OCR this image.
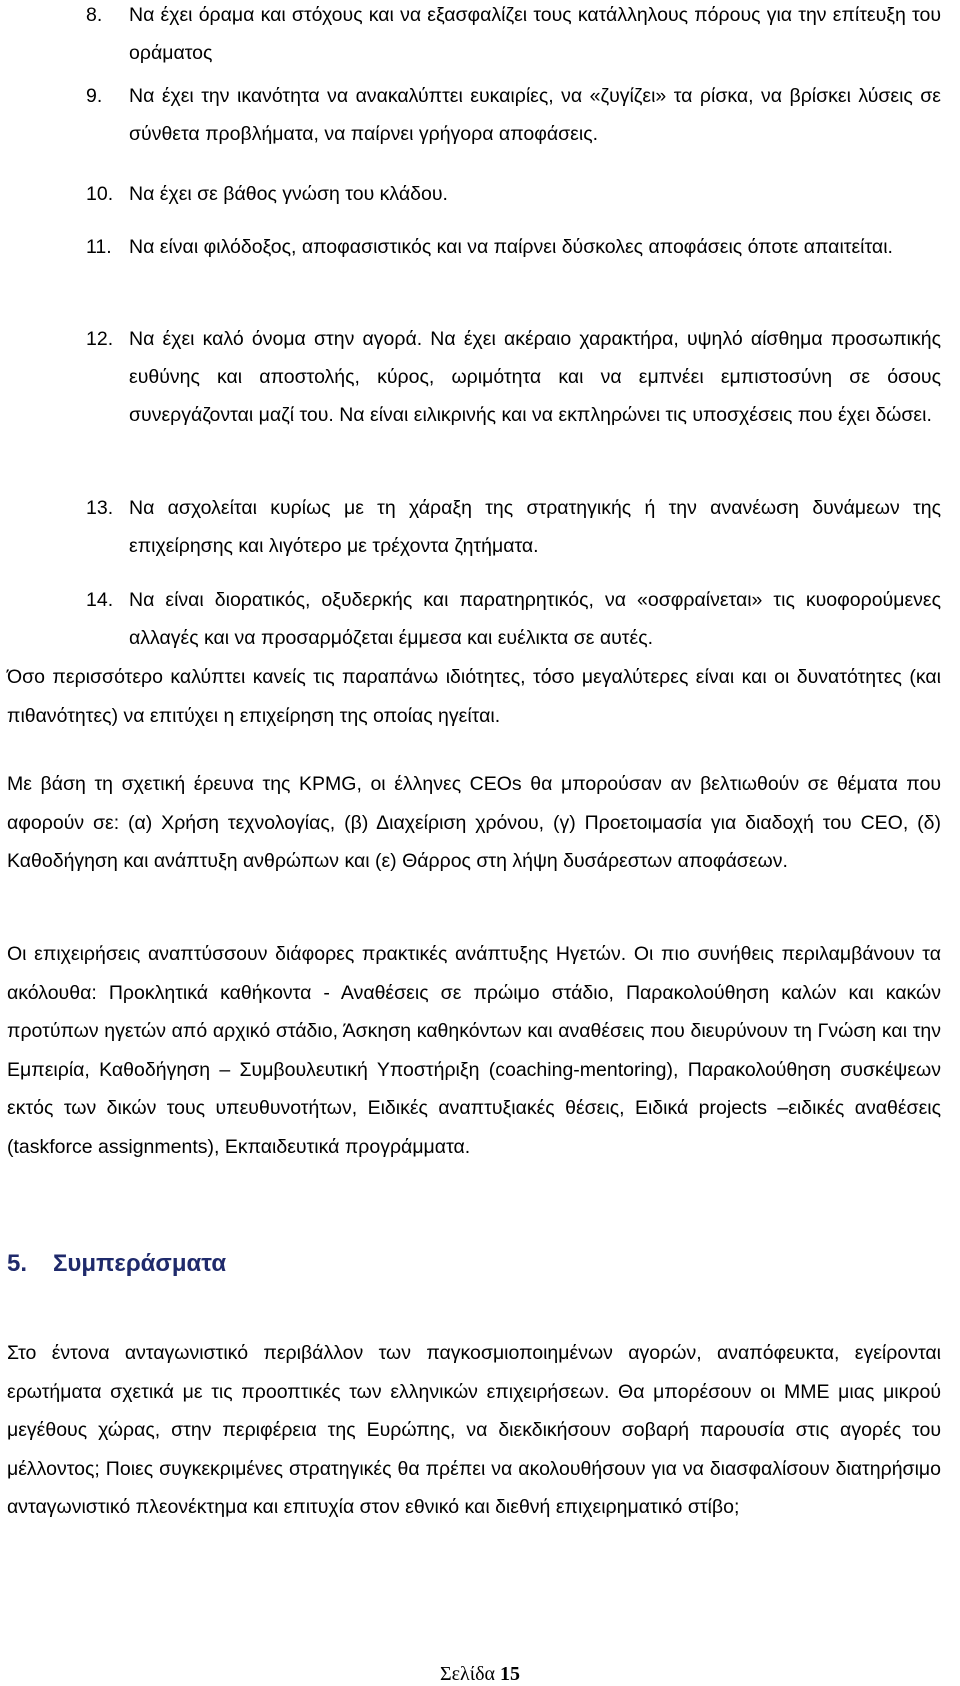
8.	Να έχει όραμα και στόχους και να εξασφαλίζει τους κατάλληλους πόρους για την επίτευξη του οράματος
9.	Να έχει την ικανότητα να ανακαλύπτει ευκαιρίες, να «ζυγίζει» τα ρίσκα, να βρίσκει λύσεις σε σύνθετα προβλήματα, να παίρνει γρήγορα αποφάσεις.
10. Να έχει σε βάθος γνώση του κλάδου.
11. Να είναι φιλόδοξος, αποφασιστικός και να παίρνει δύσκολες αποφάσεις όποτε απαιτείται.
12. Να έχει καλό όνομα στην αγορά. Να έχει ακέραιο χαρακτήρα, υψηλό αίσθημα προσωπικής ευθύνης και αποστολής, κύρος, ωριμότητα και να εμπνέει εμπιστοσύνη σε όσους συνεργάζονται μαζί του. Να είναι ειλικρινής και να εκπληρώνει τις υποσχέσεις που έχει δώσει.
13. Να ασχολείται κυρίως με τη χάραξη της στρατηγικής ή την ανανέωση δυνάμεων της επιχείρησης και λιγότερο με τρέχοντα ζητήματα.
14. Να είναι διορατικός, οξυδερκής και παρατηρητικός, να «οσφραίνεται» τις κυοφορούμενες αλλαγές και να προσαρμόζεται έμμεσα και ευέλικτα σε αυτές.

Όσο περισσότερο καλύπτει κανείς τις παραπάνω ιδιότητες, τόσο μεγαλύτερες είναι και οι δυνατότητες (και πιθανότητες) να επιτύχει η επιχείρηση της οποίας ηγείται.

Με βάση τη σχετική έρευνα της KPMG, οι έλληνες CEOs θα μπορούσαν αν βελτιωθούν σε θέματα που αφορούν σε: (α) Χρήση τεχνολογίας, (β) Διαχείριση χρόνου, (γ) Προετοιμασία για διαδοχή του CEO, (δ) Καθοδήγηση και ανάπτυξη ανθρώπων και (ε) Θάρρος στη λήψη δυσάρεστων αποφάσεων.

Οι επιχειρήσεις αναπτύσσουν διάφορες πρακτικές ανάπτυξης Ηγετών. Οι πιο συνήθεις περιλαμβάνουν τα ακόλουθα: Προκλητικά καθήκοντα - Αναθέσεις σε πρώιμο στάδιο, Παρακολούθηση καλών και κακών προτύπων ηγετών από αρχικό στάδιο, Άσκηση καθηκόντων και αναθέσεις που διευρύνουν τη Γνώση και την Εμπειρία, Καθοδήγηση – Συμβουλευτική Υποστήριξη (coaching-mentoring), Παρακολούθηση συσκέψεων εκτός των δικών τους υπευθυνοτήτων, Ειδικές αναπτυξιακές θέσεις, Ειδικά projects –ειδικές αναθέσεις (taskforce assignments), Εκπαιδευτικά προγράμματα.

5. Συμπεράσματα

Στο έντονα ανταγωνιστικό περιβάλλον των παγκοσμιοποιημένων αγορών, αναπόφευκτα, εγείρονται ερωτήματα σχετικά με τις προοπτικές των ελληνικών επιχειρήσεων. Θα μπορέσουν οι ΜΜΕ μιας μικρού μεγέθους χώρας, στην περιφέρεια της Ευρώπης, να διεκδικήσουν σοβαρή παρουσία στις αγορές του μέλλοντος; Ποιες συγκεκριμένες στρατηγικές θα πρέπει να ακολουθήσουν για να διασφαλίσουν διατηρήσιμο ανταγωνιστικό πλεονέκτημα και επιτυχία στον εθνικό και διεθνή επιχειρηματικό στίβο;

Σελίδα 15
